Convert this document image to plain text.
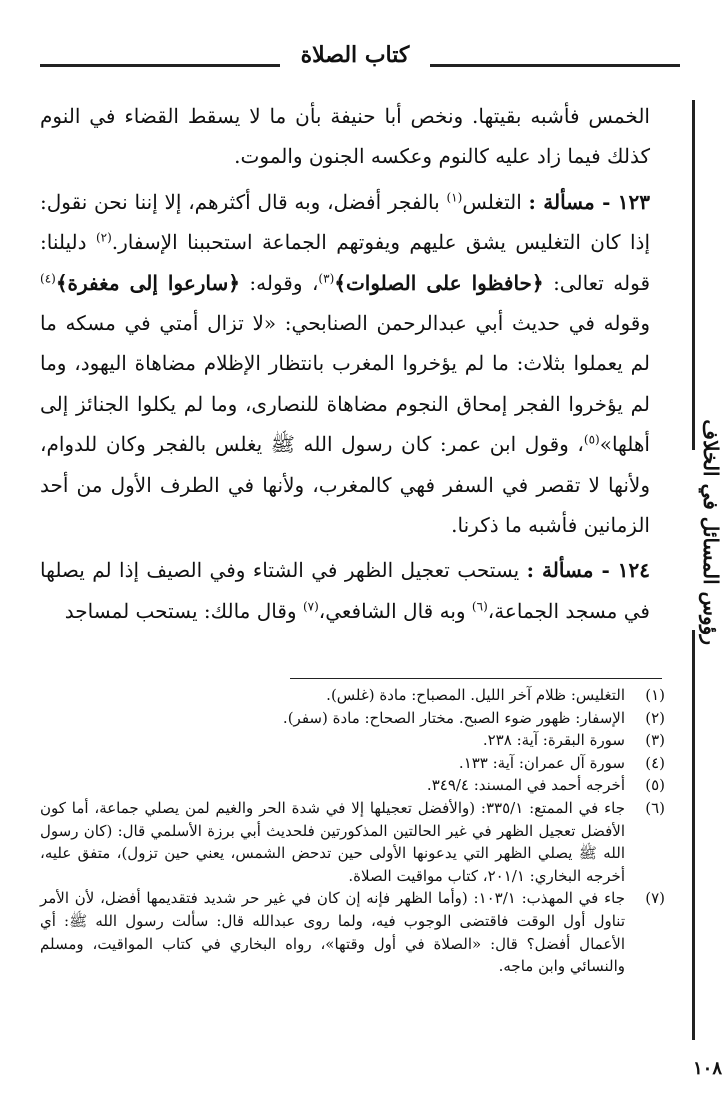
كتاب الصلاة
رؤوس المسائل في الخلاف

الخمس فأشبه بقيتها. ونخص أبا حنيفة بأن ما لا يسقط القضاء في النوم كذلك فيما زاد عليه كالنوم وعكسه الجنون والموت.

١٢٣ - مسألة : التغلس$^{(١)}$ بالفجر أفضل، وبه قال أكثرهم، إلا إننا نحن نقول: إذا كان التغليس يشق عليهم ويفوتهم الجماعة استحببنا الإسفار.$^{(٢)}$ دليلنا: قوله تعالى: ﴿حافظوا على الصلوات﴾$^{(٣)}$، وقوله: ﴿سارعوا إلى مغفرة﴾$^{(٤)}$ وقوله في حديث أبي عبدالرحمن الصنابحي: «لا تزال أمتي في مسكه ما لم يعملوا بثلاث: ما لم يؤخروا المغرب بانتظار الإظلام مضاهاة اليهود، وما لم يؤخروا الفجر إمحاق النجوم مضاهاة للنصارى، وما لم يكلوا الجنائز إلى أهلها»$^{(٥)}$، وقول ابن عمر: كان رسول الله ﷺ يغلس بالفجر وكان للدوام، ولأنها لا تقصر في السفر فهي كالمغرب، ولأنها في الطرف الأول من أحد الزمانين فأشبه ما ذكرنا.

١٢٤ - مسألة : يستحب تعجيل الظهر في الشتاء وفي الصيف إذا لم يصلها في مسجد الجماعة،$^{(٦)}$ وبه قال الشافعي،$^{(٧)}$ وقال مالك: يستحب لمساجد

(١)
التغليس: ظلام آخر الليل. المصباح: مادة (غلس).
(٢)
الإسفار: ظهور ضوء الصبح. مختار الصحاح: مادة (سفر).
(٣)
سورة البقرة: آية: ٢٣٨.
(٤)
سورة آل عمران: آية: ١٣٣.
(٥)
أخرجه أحمد في المسند: ٣٤٩/٤.
(٦)
جاء في الممتع: ٣٣٥/١: (والأفضل تعجيلها إلا في شدة الحر والغيم لمن يصلي جماعة، أما كون الأفضل تعجيل الظهر في غير الحالتين المذكورتين فلحديث أبي برزة الأسلمي قال: (كان رسول الله ﷺ يصلي الظهر التي يدعونها الأولى حين تدحض الشمس، يعني حين تزول)، متفق عليه، أخرجه البخاري: ٢٠١/١، كتاب مواقيت الصلاة.
(٧)
جاء في المهذب: ١٠٣/١: (وأما الظهر فإنه إن كان في غير حر شديد فتقديمها أفضل، لأن الأمر تناول أول الوقت فاقتضى الوجوب فيه، ولما روى عبدالله قال: سألت رسول الله ﷺ: أي الأعمال أفضل؟ قال: «الصلاة في أول وقتها»، رواه البخاري في كتاب المواقيت، ومسلم والنسائي وابن ماجه.
١٠٨
